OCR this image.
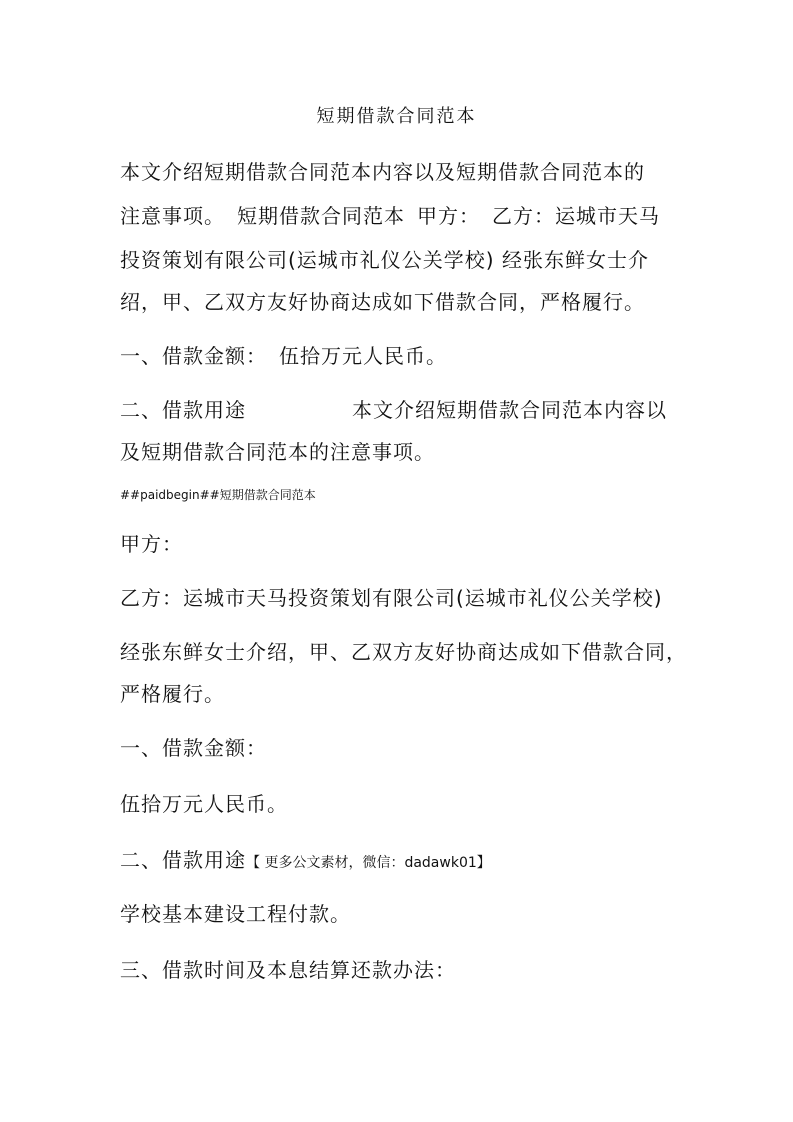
短期借款合同范本
本文介绍短期借款合同范本内容以及短期借款合同范本的
注意事项。 短期借款合同范本 甲方： 乙方：运城市天马
投资策划有限公司(运城市礼仪公关学校) 经张东鲜女士介
绍，甲、乙双方友好协商达成如下借款合同，严格履行。
一、借款金额： 伍拾万元人民币。
二、借款用途	本文介绍短期借款合同范本内容以
及短期借款合同范本的注意事项。
##paidbegin##短期借款合同范本
甲方：
乙方：运城市天马投资策划有限公司(运城市礼仪公关学校)
经张东鲜女士介绍，甲、乙双方友好协商达成如下借款合同，
严格履行。
一、借款金额：
伍拾万元人民币。
二、借款用途【 更多公文素材，微信：dadawk01】
学校基本建设工程付款。
三、借款时间及本息结算还款办法：
